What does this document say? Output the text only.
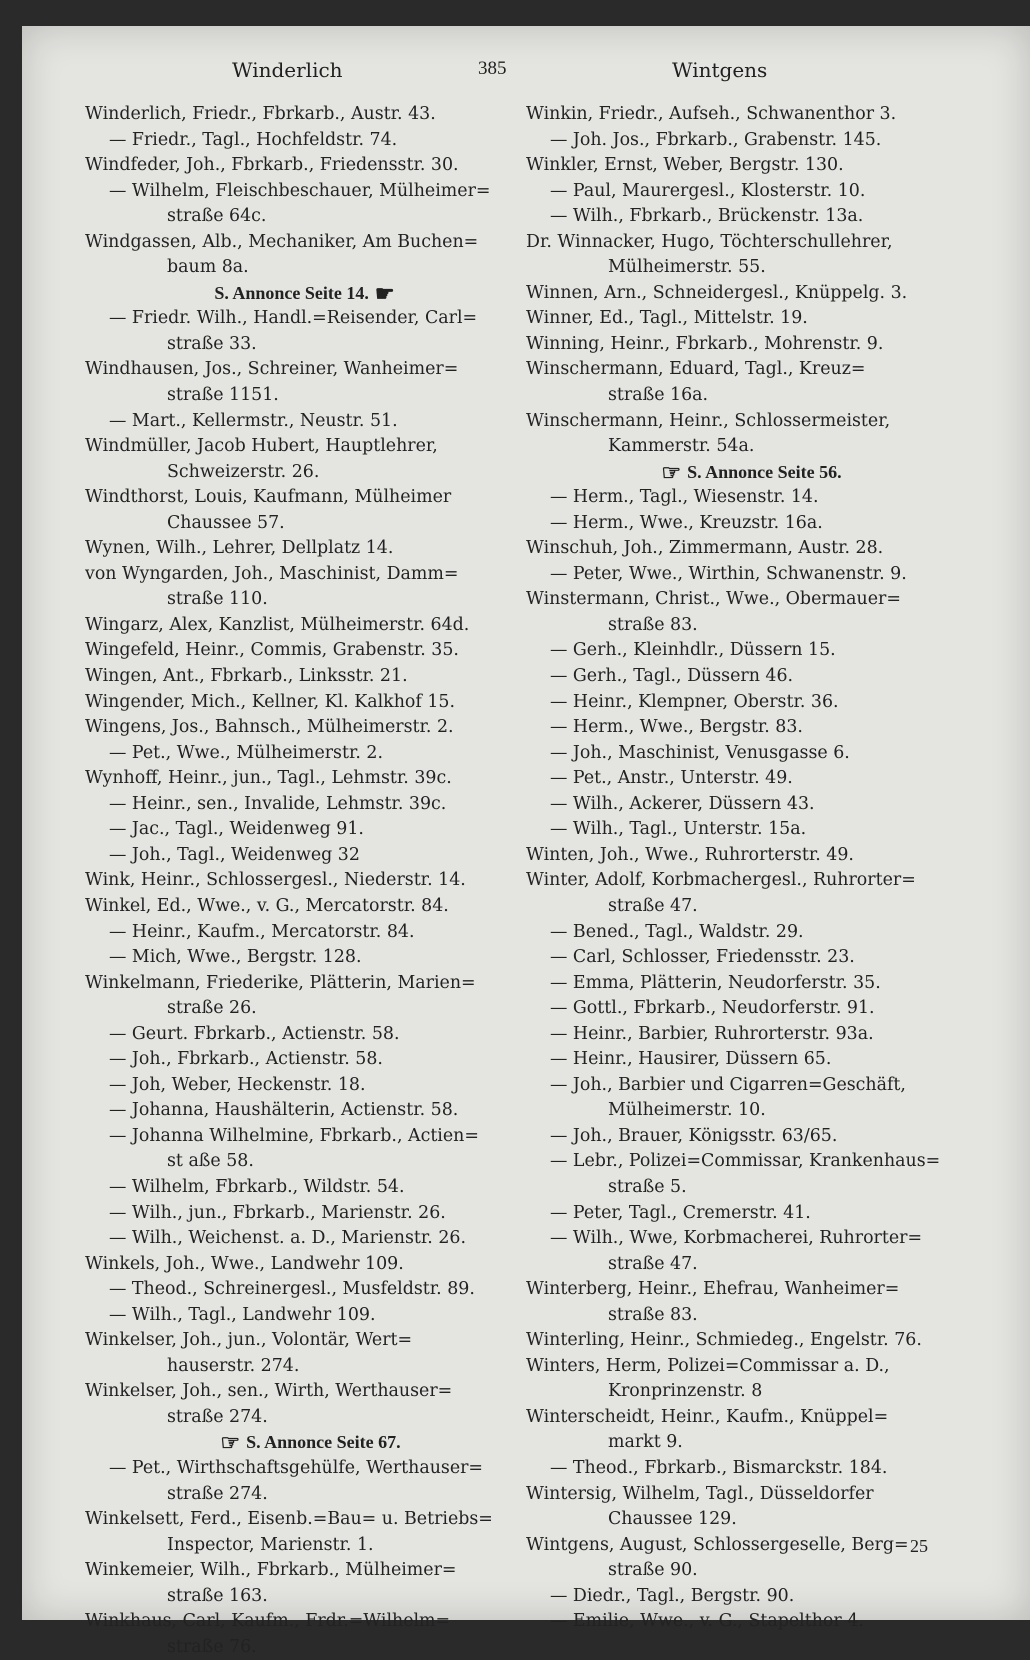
Winderlich	385	Wintgens
Winderlich, Friedr., Fbrkarb., Austr. 43.
— Friedr., Tagl., Hochfeldstr. 74.
Windfeder, Joh., Fbrkarb., Friedensstr. 30.
— Wilhelm, Fleischbeschauer, Mülheimer=
straße 64c.
Windgassen, Alb., Mechaniker, Am Buchen=
baum 8a.
S. Annonce Seite 14. ☛
— Friedr. Wilh., Handl.=Reisender, Carl=
straße 33.
Windhausen, Jos., Schreiner, Wanheimer=
straße 1151.
— Mart., Kellermstr., Neustr. 51.
Windmüller, Jacob Hubert, Hauptlehrer,
Schweizerstr. 26.
Windthorst, Louis, Kaufmann, Mülheimer
Chaussee 57.
Wynen, Wilh., Lehrer, Dellplatz 14.
von Wyngarden, Joh., Maschinist, Damm=
straße 110.
Wingarz, Alex, Kanzlist, Mülheimerstr. 64d.
Wingefeld, Heinr., Commis, Grabenstr. 35.
Wingen, Ant., Fbrkarb., Linksstr. 21.
Wingender, Mich., Kellner, Kl. Kalkhof 15.
Wingens, Jos., Bahnsch., Mülheimerstr. 2.
— Pet., Wwe., Mülheimerstr. 2.
Wynhoff, Heinr., jun., Tagl., Lehmstr. 39c.
— Heinr., sen., Invalide, Lehmstr. 39c.
— Jac., Tagl., Weidenweg 91.
— Joh., Tagl., Weidenweg 32
Wink, Heinr., Schlossergesl., Niederstr. 14.
Winkel, Ed., Wwe., v. G., Mercatorstr. 84.
— Heinr., Kaufm., Mercatorstr. 84.
— Mich, Wwe., Bergstr. 128.
Winkelmann, Friederike, Plätterin, Marien=
straße 26.
— Geurt. Fbrkarb., Actienstr. 58.
— Joh., Fbrkarb., Actienstr. 58.
— Joh, Weber, Heckenstr. 18.
— Johanna, Haushälterin, Actienstr. 58.
— Johanna Wilhelmine, Fbrkarb., Actien=
st aße 58.
— Wilhelm, Fbrkarb., Wildstr. 54.
— Wilh., jun., Fbrkarb., Marienstr. 26.
— Wilh., Weichenst. a. D., Marienstr. 26.
Winkels, Joh., Wwe., Landwehr 109.
— Theod., Schreinergesl., Musfeldstr. 89.
— Wilh., Tagl., Landwehr 109.
Winkelser, Joh., jun., Volontär, Wert=
hauserstr. 274.
Winkelser, Joh., sen., Wirth, Werthauser=
straße 274.
☞ S. Annonce Seite 67.
— Pet., Wirthschaftsgehülfe, Werthauser=
straße 274.
Winkelsett, Ferd., Eisenb.=Bau= u. Betriebs=
Inspector, Marienstr. 1.
Winkemeier, Wilh., Fbrkarb., Mülheimer=
straße 163.
Winkhaus, Carl, Kaufm., Frdr.=Wilhelm=
straße 76.
Winkin, Friedr., Aufseh., Schwanenthor 3.
— Joh. Jos., Fbrkarb., Grabenstr. 145.
Winkler, Ernst, Weber, Bergstr. 130.
— Paul, Maurergesl., Klosterstr. 10.
— Wilh., Fbrkarb., Brückenstr. 13a.
Dr. Winnacker, Hugo, Töchterschullehrer,
Mülheimerstr. 55.
Winnen, Arn., Schneidergesl., Knüppelg. 3.
Winner, Ed., Tagl., Mittelstr. 19.
Winning, Heinr., Fbrkarb., Mohrenstr. 9.
Winschermann, Eduard, Tagl., Kreuz=
straße 16a.
Winschermann, Heinr., Schlossermeister,
Kammerstr. 54a.
☞ S. Annonce Seite 56.
— Herm., Tagl., Wiesenstr. 14.
— Herm., Wwe., Kreuzstr. 16a.
Winschuh, Joh., Zimmermann, Austr. 28.
— Peter, Wwe., Wirthin, Schwanenstr. 9.
Winstermann, Christ., Wwe., Obermauer=
straße 83.
— Gerh., Kleinhdlr., Düssern 15.
— Gerh., Tagl., Düssern 46.
— Heinr., Klempner, Oberstr. 36.
— Herm., Wwe., Bergstr. 83.
— Joh., Maschinist, Venusgasse 6.
— Pet., Anstr., Unterstr. 49.
— Wilh., Ackerer, Düssern 43.
— Wilh., Tagl., Unterstr. 15a.
Winten, Joh., Wwe., Ruhrorterstr. 49.
Winter, Adolf, Korbmachergesl., Ruhrorter=
straße 47.
— Bened., Tagl., Waldstr. 29.
— Carl, Schlosser, Friedensstr. 23.
— Emma, Plätterin, Neudorferstr. 35.
— Gottl., Fbrkarb., Neudorferstr. 91.
— Heinr., Barbier, Ruhrorterstr. 93a.
— Heinr., Hausirer, Düssern 65.
— Joh., Barbier und Cigarren=Geschäft,
Mülheimerstr. 10.
— Joh., Brauer, Königsstr. 63/65.
— Lebr., Polizei=Commissar, Krankenhaus=
straße 5.
— Peter, Tagl., Cremerstr. 41.
— Wilh., Wwe, Korbmacherei, Ruhrorter=
straße 47.
Winterberg, Heinr., Ehefrau, Wanheimer=
straße 83.
Winterling, Heinr., Schmiedeg., Engelstr. 76.
Winters, Herm, Polizei=Commissar a. D.,
Kronprinzenstr. 8
Winterscheidt, Heinr., Kaufm., Knüppel=
markt 9.
— Theod., Fbrkarb., Bismarckstr. 184.
Wintersig, Wilhelm, Tagl., Düsseldorfer
Chaussee 129.
Wintgens, August, Schlossergeselle, Berg=
straße 90.
— Diedr., Tagl., Bergstr. 90.
— Emilie, Wwe., v. G., Stapelthor 4.
25
